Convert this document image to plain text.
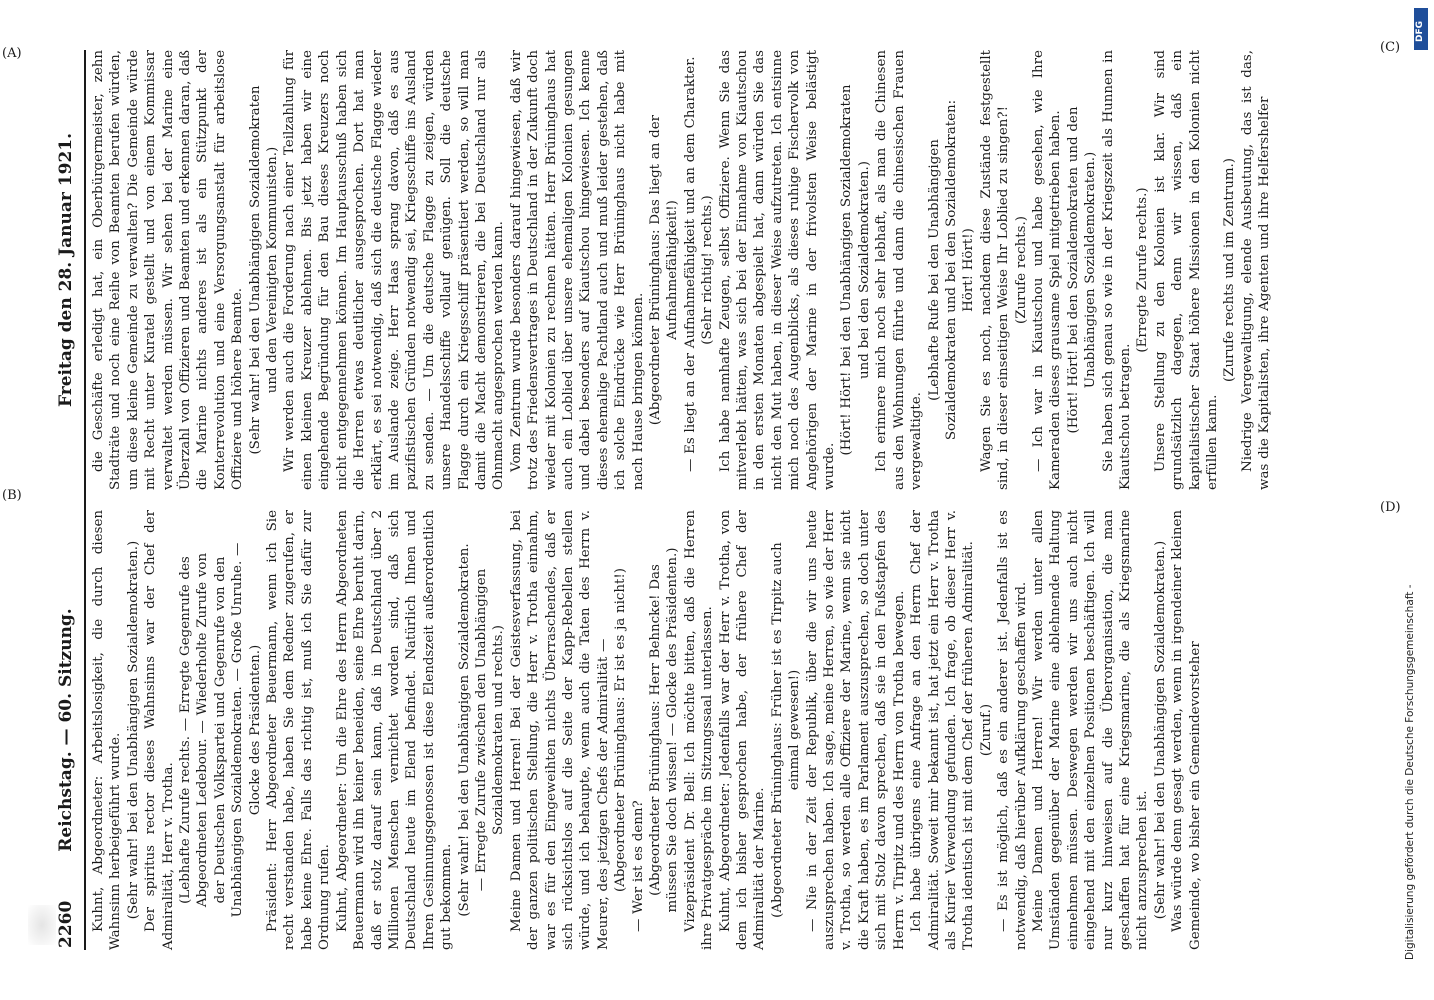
2260
Reichstag. — 60. Sitzung.
Freitag den 28. Januar 1921.

Kuhnt, Abgeordneter: Arbeitslosigkeit, die durch diesen Wahnsinn herbeigeführt wurde. (Sehr wahr! bei den Unabhängigen Sozialdemokraten.) Der spiritus rector dieses Wahnsinns war der Chef der Admiralität, Herr v. Trotha. (Lebhafte Zurufe rechts. — Erregte Gegenrufe des Abgeordneten Ledebour. — Wiederholte Zurufe von der Deutschen Volkspartei und Gegenrufe von den Unabhängigen Sozialdemokraten. — Große Unruhe. — Glocke des Präsidenten.) Präsident: Herr Abgeordneter Beuermann, wenn ich Sie recht verstanden habe, haben Sie dem Redner zugerufen, er habe keine Ehre. Falls das richtig ist, muß ich Sie dafür zur Ordnung rufen. Kuhnt, Abgeordneter: Um die Ehre des Herrn Abgeordneten Beuermann wird ihn keiner beneiden, seine Ehre beruht darin, daß er stolz darauf sein kann, daß in Deutschland über 2 Millionen Menschen vernichtet worden sind, daß sich Deutschland heute im Elend befindet. Natürlich Ihnen und Ihren Gesinnungsgenossen ist diese Elendszeit außerordentlich gut bekommen. (Sehr wahr! bei den Unabhängigen Sozialdemokraten. — Erregte Zurufe zwischen den Unabhängigen Sozialdemokraten und rechts.) Meine Damen und Herren! Bei der Geistesverfassung, bei der ganzen politischen Stellung, die Herr v. Trotha einnahm, war es für den Eingeweihten nichts Überraschendes, daß er sich rücksichtslos auf die Seite der Kapp-Rebellen stellen würde, und ich behaupte, wenn auch die Taten des Herrn v. Meurer, des jetzigen Chefs der Admiralität — (Abgeordneter Brüninghaus: Er ist es ja nicht!) — Wer ist es denn? (Abgeordneter Brüninghaus: Herr Behncke! Das müssen Sie doch wissen! — Glocke des Präsidenten.) Vizepräsident Dr. Bell: Ich möchte bitten, daß die Herren ihre Privatgespräche im Sitzungssaal unterlassen. Kuhnt, Abgeordneter: Jedenfalls war der Herr v. Trotha, von dem ich bisher gesprochen habe, der frühere Chef der Admiralität der Marine. (Abgeordneter Brüninghaus: Früher ist es Tirpitz auch einmal gewesen!) — Nie in der Zeit der Republik, über die wir uns heute auszusprechen haben. Ich sage, meine Herren, so wie der Herr v. Trotha, so werden alle Offiziere der Marine, wenn sie nicht die Kraft haben, es im Parlament auszusprechen, so doch unter sich mit Stolz davon sprechen, daß sie in den Fußstapfen des Herrn v. Tirpitz und des Herrn von Trotha bewegen. Ich habe übrigens eine Anfrage an den Herrn Chef der Admiralität. Soweit mir bekannt ist, hat jetzt ein Herr v. Trotha als Kurier Verwendung gefunden. Ich frage, ob dieser Herr v. Trotha identisch ist mit dem Chef der früheren Admiralität. (Zuruf.) — Es ist möglich, daß es ein anderer ist. Jedenfalls ist es notwendig, daß hierüber Aufklärung geschaffen wird. Meine Damen und Herren! Wir werden unter allen Umständen gegenüber der Marine eine ablehnende Haltung einnehmen müssen. Deswegen werden wir uns auch nicht eingehend mit den einzelnen Positionen beschäftigen. Ich will nur kurz hinweisen auf die Überorganisation, die man geschaffen hat für eine Kriegsmarine, die als Kriegsmarine nicht anzusprechen ist. (Sehr wahr! bei den Unabhängigen Sozialdemokraten.) Was würde denn gesagt werden, wenn in irgendeiner kleinen Gemeinde, wo bisher ein Gemeindevorsteher

die Geschäfte erledigt hat, ein Oberbürgermeister, zehn Stadträte und noch eine Reihe von Beamten berufen würden, um diese kleine Gemeinde zu verwalten? Die Gemeinde würde mit Recht unter Kuratel gestellt und von einem Kommissar verwaltet werden müssen. Wir sehen bei der Marine eine Überzahl von Offizieren und Beamten und erkennen daran, daß die Marine nichts anderes ist als ein Stützpunkt der Konterrevolution und eine Versorgungsanstalt für arbeitslose Offiziere und höhere Beamte. (Sehr wahr! bei den Unabhängigen Sozialdemokraten und den Vereinigten Kommunisten.) Wir werden auch die Forderung nach einer Teilzahlung für einen kleinen Kreuzer ablehnen. Bis jetzt haben wir eine eingehende Begründung für den Bau dieses Kreuzers noch nicht entgegennehmen können. Im Hauptausschuß haben sich die Herren etwas deutlicher ausgesprochen. Dort hat man erklärt, es sei notwendig, daß sich die deutsche Flagge wieder im Auslande zeige. Herr Haas sprang davon, daß es aus pazifistischen Gründen notwendig sei, Kriegsschiffe ins Ausland zu senden. — Um die deutsche Flagge zu zeigen, würden unsere Handelsschiffe vollauf genügen. Soll die deutsche Flagge durch ein Kriegsschiff präsentiert werden, so will man damit die Macht demonstrieren, die bei Deutschland nur als Ohnmacht angesprochen werden kann. Vom Zentrum wurde besonders darauf hingewiesen, daß wir trotz des Friedensvertrages in Deutschland in der Zukunft doch wieder mit Kolonien zu rechnen hätten. Herr Brüninghaus hat auch ein Loblied über unsere ehemaligen Kolonien gesungen und dabei besonders auf Kiautschou hingewiesen. Ich kenne dieses ehemalige Pachtland auch und muß leider gestehen, daß ich solche Eindrücke wie Herr Brüninghaus nicht habe mit nach Hause bringen können. (Abgeordneter Brüninghaus: Das liegt an der Aufnahmefähigkeit!) — Es liegt an der Aufnahmefähigkeit und an dem Charakter. (Sehr richtig! rechts.) Ich habe namhafte Zeugen, selbst Offiziere. Wenn Sie das mitverlebt hätten, was sich bei der Einnahme von Kiautschou in den ersten Monaten abgespielt hat, dann würden Sie das nicht den Mut haben, in dieser Weise aufzutreten. Ich entsinne mich noch des Augenblicks, als dieses ruhige Fischervolk von Angehörigen der Marine in der frivolsten Weise belästigt wurde.

(Hört! Hört! bei den Unabhängigen Sozialdemokraten und bei den Sozialdemokraten.) Ich erinnere mich noch sehr lebhaft, als man die Chinesen aus den Wohnungen führte und dann die chinesischen Frauen vergewaltigte.

(Lebhafte Rufe bei den Unabhängigen Sozialdemokraten und bei den Sozialdemokraten: Hört! Hört!) Wagen Sie es noch, nachdem diese Zustände festgestellt sind, in dieser einseitigen Weise Ihr Loblied zu singen?! (Zurufe rechts.) — Ich war in Kiautschou und habe gesehen, wie Ihre Kameraden dieses grausame Spiel mitgetrieben haben. (Hört! Hört! bei den Sozialdemokraten und den Unabhängigen Sozialdemokraten.) Sie haben sich genau so wie in der Kriegszeit als Hunnen in Kiautschou betragen.

(Erregte Zurufe rechts.) Unsere Stellung zu den Kolonien ist klar. Wir sind grundsätzlich dagegen, denn wir wissen, daß ein kapitalistischer Staat höhere Missionen in den Kolonien nicht erfüllen kann.

(Zurufe rechts und im Zentrum.) Niedrige Vergewaltigung, elende Ausbeutung, das ist das, was die Kapitalisten, ihre Agenten und ihre Helfershelfer

(A)
(B)
(C)
(D)
Digitalisierung gefördert durch die Deutsche Forschungsgemeinschaft -
DFG
